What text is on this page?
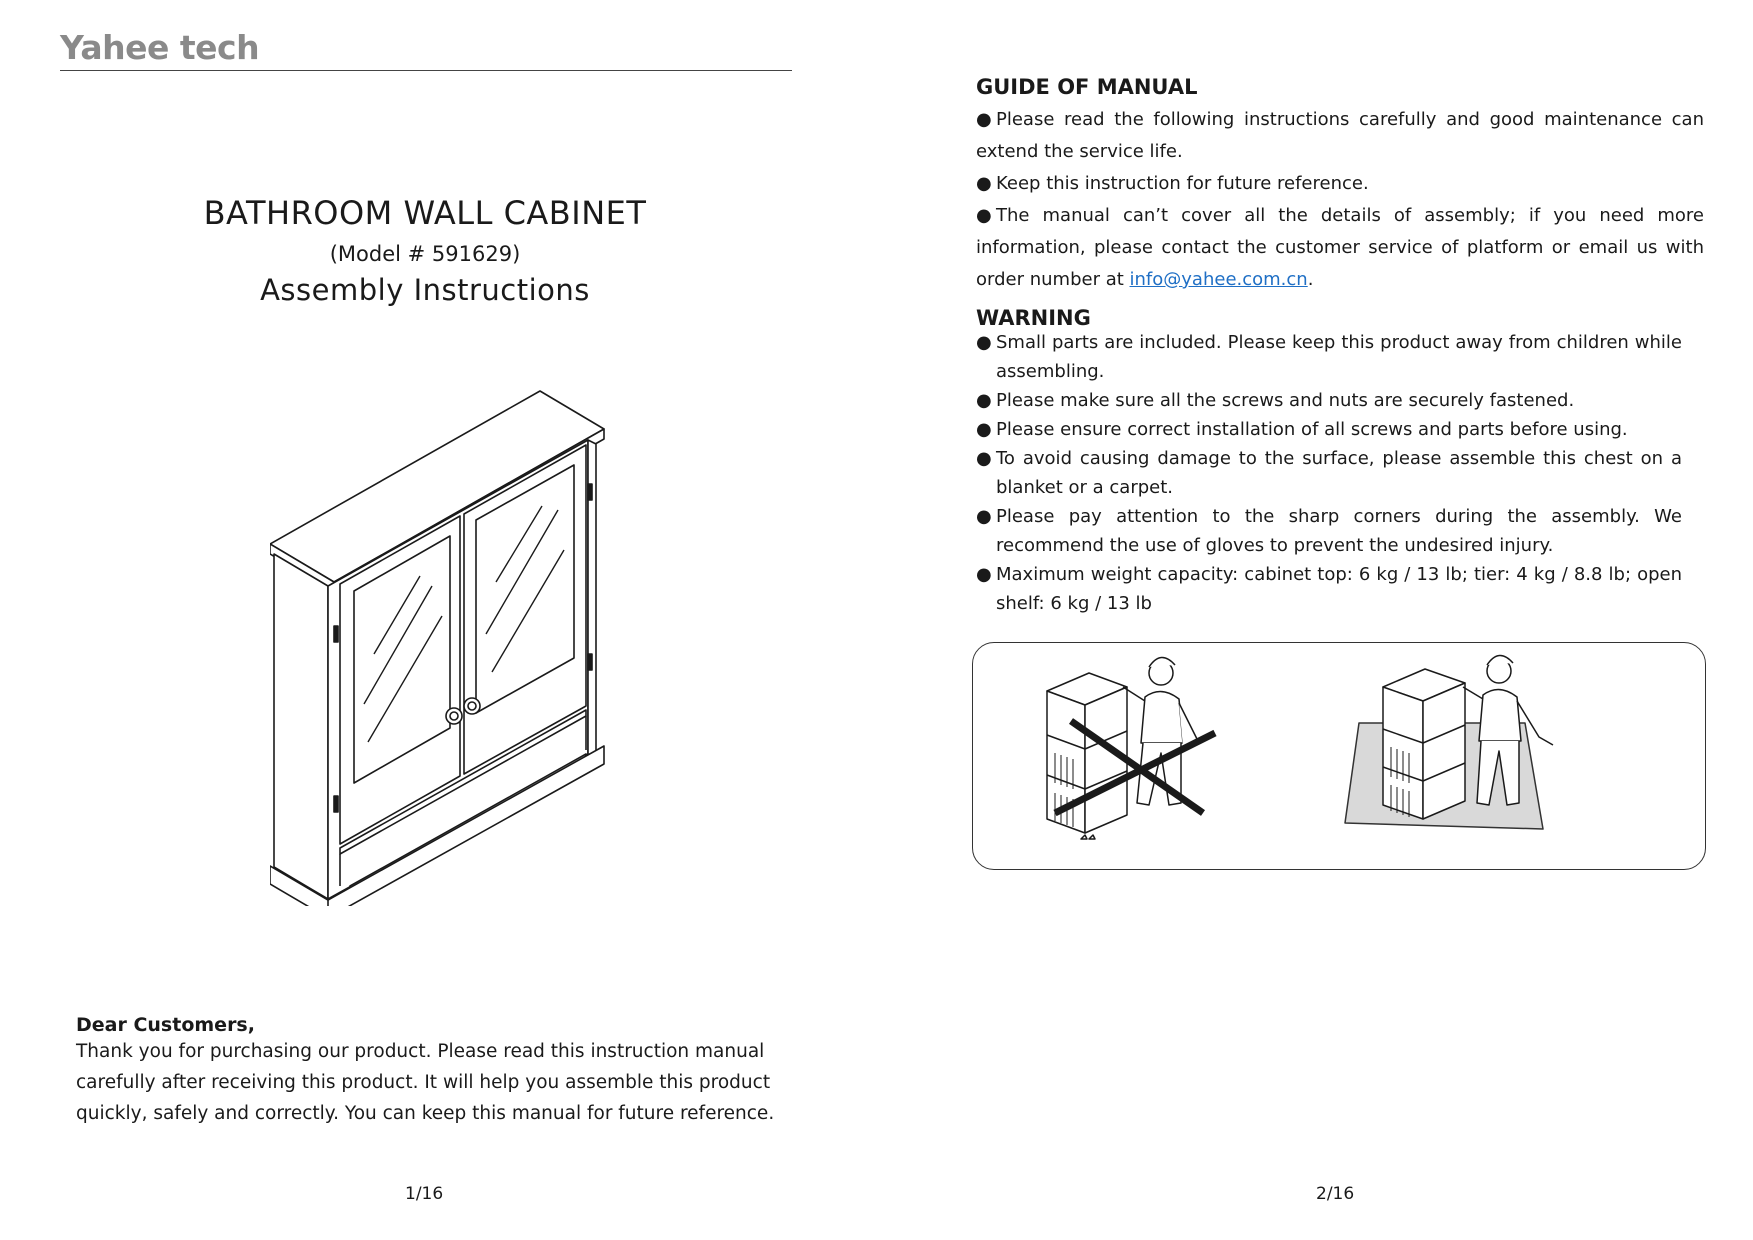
Yahee tech
BATHROOM WALL CABINET
(Model # 591629)
Assembly Instructions
Dear Customers,
Thank you for purchasing our product. Please read this instruction manual
carefully after receiving this product. It will help you assemble this product
quickly, safely and correctly. You can keep this manual for future reference.
1/16
GUIDE OF MANUAL

● Please read the following instructions carefully and good maintenance can extend the service life.

● Keep this instruction for future reference.

● The manual can’t cover all the details of assembly; if you need more information, please contact the customer service of platform or email us with order number at info@yahee.com.cn.

WARNING
● Small parts are included. Please keep this product away from children while assembling.
● Please make sure all the screws and nuts are securely fastened.
● Please ensure correct installation of all screws and parts before using.
● To avoid causing damage to the surface, please assemble this chest on a blanket or a carpet.
● Please pay attention to the sharp corners during the assembly. We recommend the use of gloves to prevent the undesired injury.
● Maximum weight capacity: cabinet top: 6 kg / 13 lb; tier: 4 kg / 8.8 lb; open shelf: 6 kg / 13 lb
2/16
